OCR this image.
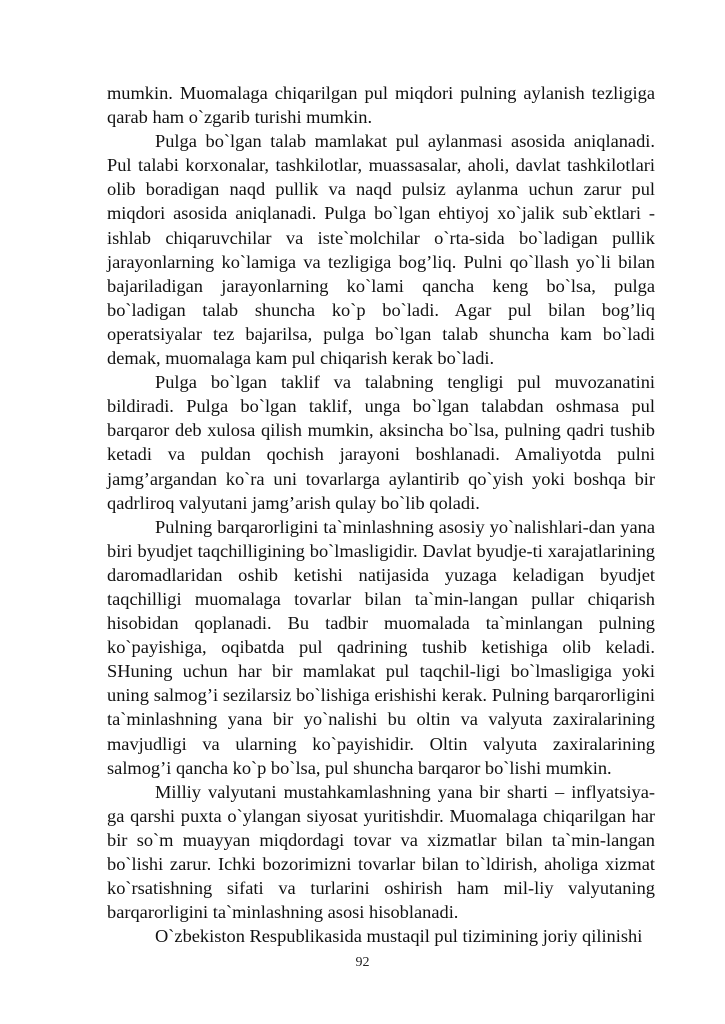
mumkin. Muomalaga chiqarilgan pul miqdori pulning aylanish tezligiga qarab ham o`zgarib turishi mumkin.

Pulga bo`lgan talab mamlakat pul aylanmasi asosida aniqlanadi. Pul talabi korxonalar, tashkilotlar, muassasalar, aholi, davlat tashkilotlari olib boradigan naqd pullik va naqd pulsiz aylanma uchun zarur pul miqdori asosida aniqlanadi. Pulga bo`lgan ehtiyoj xo`jalik sub`ektlari - ishlab chiqaruvchilar va iste`molchilar o`rta-sida bo`ladigan pullik jarayonlarning ko`lamiga va tezligiga bog’liq. Pulni qo`llash yo`li bilan bajariladigan jarayonlarning ko`lami qancha keng bo`lsa, pulga bo`ladigan talab shuncha ko`p bo`ladi. Agar pul bilan bog’liq operatsiyalar tez bajarilsa, pulga bo`lgan talab shuncha kam bo`ladi demak, muomalaga kam pul chiqarish kerak bo`ladi.

Pulga bo`lgan taklif va talabning tengligi pul muvozanatini bildiradi. Pulga bo`lgan taklif, unga bo`lgan talabdan oshmasa pul barqaror deb xulosa qilish mumkin, aksincha bo`lsa, pulning qadri tushib ketadi va puldan qochish jarayoni boshlanadi. Amaliyotda pulni jamg’argandan ko`ra uni tovarlarga aylantirib qo`yish yoki boshqa bir qadrliroq valyutani jamg’arish qulay bo`lib qoladi.

Pulning barqarorligini ta`minlashning asosiy yo`nalishlari-dan yana biri byudjet taqchilligining bo`lmasligidir. Davlat byudje-ti xarajatlarining daromadlaridan oshib ketishi natijasida yuzaga keladigan byudjet taqchilligi muomalaga tovarlar bilan ta`min-langan pullar chiqarish hisobidan qoplanadi. Bu tadbir muomalada ta`minlangan pulning ko`payishiga, oqibatda pul qadrining tushib ketishiga olib keladi. SHuning uchun har bir mamlakat pul taqchil-ligi bo`lmasligiga yoki uning salmog’i sezilarsiz bo`lishiga erishishi kerak. Pulning barqarorligini ta`minlashning yana bir yo`nalishi bu oltin va valyuta zaxiralarining mavjudligi va ularning ko`payishidir. Oltin valyuta zaxiralarining salmog’i qancha ko`p bo`lsa, pul shuncha barqaror bo`lishi mumkin.

Milliy valyutani mustahkamlashning yana bir sharti – inflyatsiya-ga qarshi puxta o`ylangan siyosat yuritishdir. Muomalaga chiqarilgan har bir so`m muayyan miqdordagi tovar va xizmatlar bilan ta`min-langan bo`lishi zarur. Ichki bozorimizni tovarlar bilan to`ldirish, aholiga xizmat ko`rsatishning sifati va turlarini oshirish ham mil-liy valyutaning barqarorligini ta`minlashning asosi hisoblanadi.

O`zbekiston Respublikasida mustaqil pul tizimining joriy qilinishi

92
